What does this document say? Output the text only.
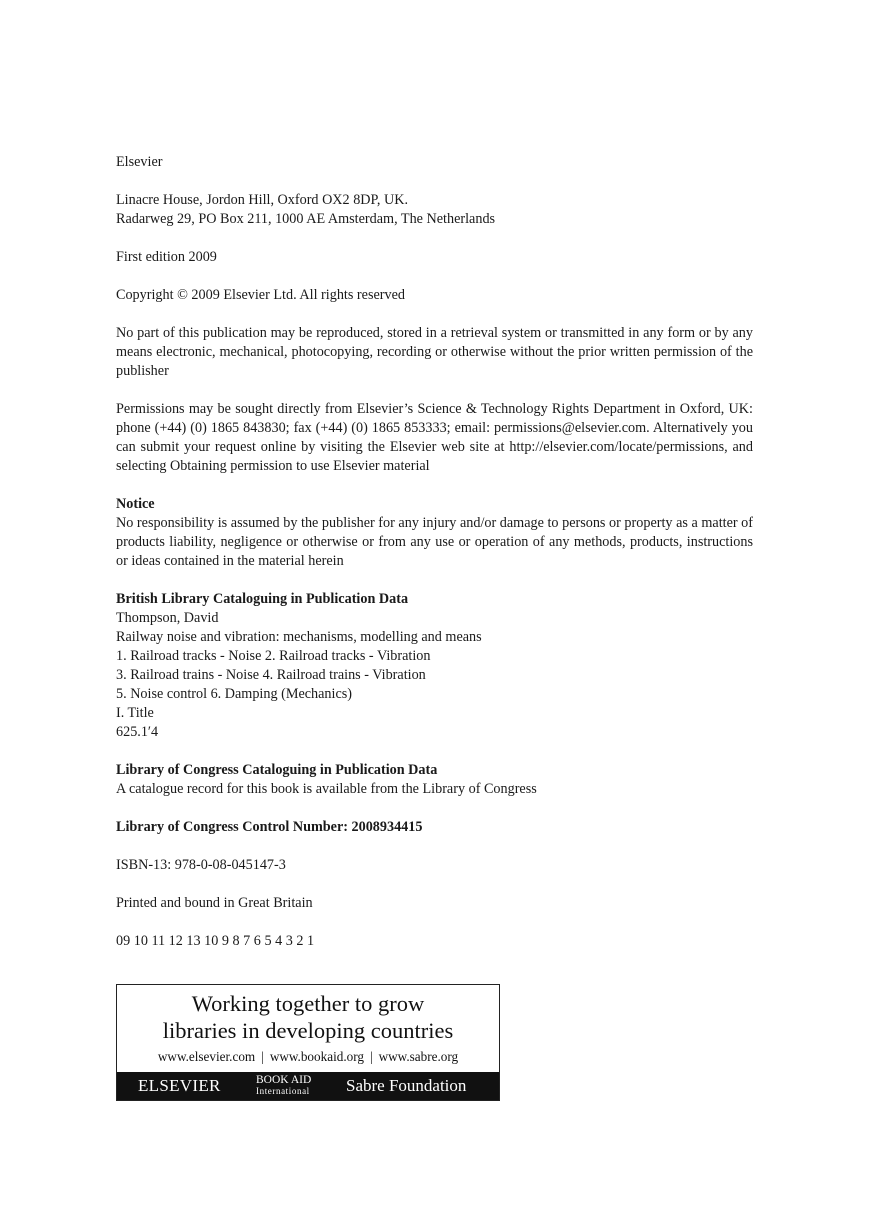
Elsevier
Linacre House, Jordon Hill, Oxford OX2 8DP, UK.
Radarweg 29, PO Box 211, 1000 AE Amsterdam, The Netherlands
First edition 2009
Copyright © 2009 Elsevier Ltd. All rights reserved
No part of this publication may be reproduced, stored in a retrieval system or transmitted in any form or by any means electronic, mechanical, photocopying, recording or otherwise without the prior written permission of the publisher
Permissions may be sought directly from Elsevier’s Science & Technology Rights Department in Oxford, UK: phone (+44) (0) 1865 843830; fax (+44) (0) 1865 853333; email: permissions@elsevier.com. Alternatively you can submit your request online by visiting the Elsevier web site at http://elsevier.com/locate/permissions, and selecting Obtaining permission to use Elsevier material
Notice
No responsibility is assumed by the publisher for any injury and/or damage to persons or property as a matter of products liability, negligence or otherwise or from any use or operation of any methods, products, instructions or ideas contained in the material herein
British Library Cataloguing in Publication Data
Thompson, David
Railway noise and vibration: mechanisms, modelling and means
1. Railroad tracks - Noise 2. Railroad tracks - Vibration
3. Railroad trains - Noise 4. Railroad trains - Vibration
5. Noise control 6. Damping (Mechanics)
I. Title
625.1′4
Library of Congress Cataloguing in Publication Data
A catalogue record for this book is available from the Library of Congress
Library of Congress Control Number: 2008934415
ISBN-13: 978-0-08-045147-3
Printed and bound in Great Britain
09 10 11 12 13 10 9 8 7 6 5 4 3 2 1
Working together to grow
libraries in developing countries
www.elsevier.com | www.bookaid.org | www.sabre.org
ELSEVIER	BOOK AID
International Sabre Foundation
